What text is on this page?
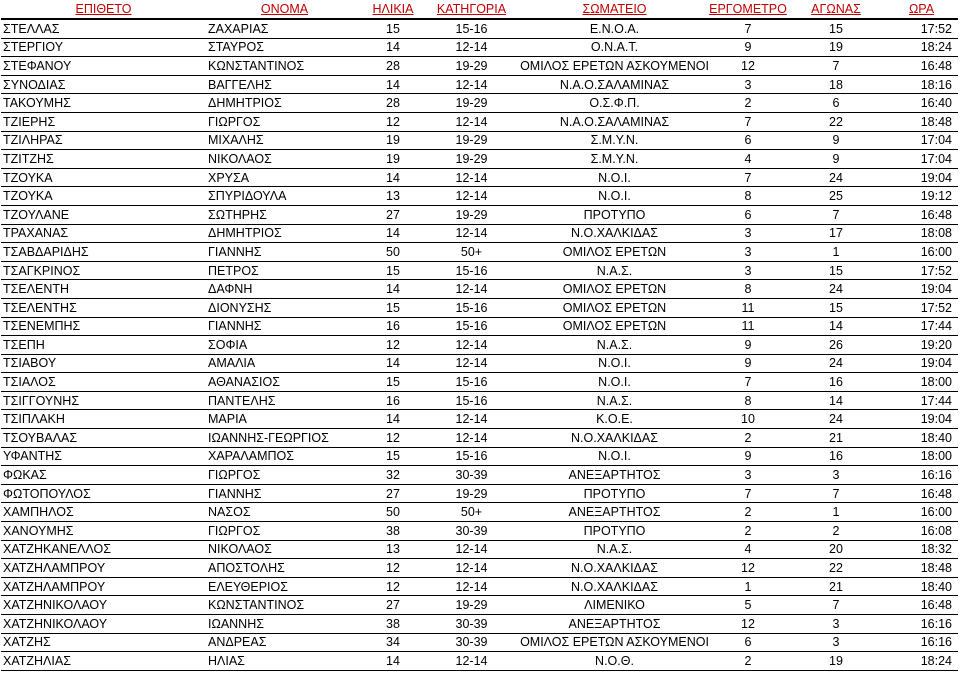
ΕΠΙΘΕΤΟ	ΟΝΟΜΑ	ΗΛΙΚΙΑ	ΚΑΤΗΓΟΡΙΑ	ΣΩΜΑΤΕΙΟ	ΕΡΓΟΜΕΤΡΟ	ΑΓΩΝΑΣ	ΩΡΑ
ΣΤΕΛΛΑΣ	ΖΑΧΑΡΙΑΣ	15	15-16	Ε.Ν.Ο.Α.	7	15	17:52
ΣΤΕΡΓΙΟΥ	ΣΤΑΥΡΟΣ	14	12-14	Ο.Ν.Α.Τ.	9	19	18:24
ΣΤΕΦΑΝΟΥ	ΚΩΝΣΤΑΝΤΙΝΟΣ	28	19-29	ΟΜΙΛΟΣ ΕΡΕΤΩΝ ΑΣΚΟΥΜΕΝΟΙ	12	7	16:48
ΣΥΝΟΔΙΑΣ	ΒΑΓΓΕΛΗΣ	14	12-14	Ν.Α.Ο.ΣΑΛΑΜΙΝΑΣ	3	18	18:16
ΤΑΚΟΥΜΗΣ	ΔΗΜΗΤΡΙΟΣ	28	19-29	Ο.Σ.Φ.Π.	2	6	16:40
ΤΖΙΕΡΗΣ	ΓΙΩΡΓΟΣ	12	12-14	Ν.Α.Ο.ΣΑΛΑΜΙΝΑΣ	7	22	18:48
ΤΖΙΛΗΡΑΣ	ΜΙΧΑΛΗΣ	19	19-29	Σ.Μ.Υ.Ν.	6	9	17:04
ΤΖΙΤΖΗΣ	ΝΙΚΟΛΑΟΣ	19	19-29	Σ.Μ.Υ.Ν.	4	9	17:04
ΤΖΟΥΚΑ	ΧΡΥΣΑ	14	12-14	Ν.Ο.Ι.	7	24	19:04
ΤΖΟΥΚΑ	ΣΠΥΡΙΔΟΥΛΑ	13	12-14	Ν.Ο.Ι.	8	25	19:12
ΤΖΟΥΛΑΝΕ	ΣΩΤΗΡΗΣ	27	19-29	ΠΡΟΤΥΠΟ	6	7	16:48
ΤΡΑΧΑΝΑΣ	ΔΗΜΗΤΡΙΟΣ	14	12-14	Ν.Ο.ΧΑΛΚΙΔΑΣ	3	17	18:08
ΤΣΑΒΔΑΡΙΔΗΣ	ΓΙΑΝΝΗΣ	50	50+	ΟΜΙΛΟΣ ΕΡΕΤΩΝ	3	1	16:00
ΤΣΑΓΚΡΙΝΟΣ	ΠΕΤΡΟΣ	15	15-16	Ν.Α.Σ.	3	15	17:52
ΤΣΕΛΕΝΤΗ	ΔΑΦΝΗ	14	12-14	ΟΜΙΛΟΣ ΕΡΕΤΩΝ	8	24	19:04
ΤΣΕΛΕΝΤΗΣ	ΔΙΟΝΥΣΗΣ	15	15-16	ΟΜΙΛΟΣ ΕΡΕΤΩΝ	11	15	17:52
ΤΣΕΝΕΜΠΗΣ	ΓΙΑΝΝΗΣ	16	15-16	ΟΜΙΛΟΣ ΕΡΕΤΩΝ	11	14	17:44
ΤΣΕΠΗ	ΣΟΦΙΑ	12	12-14	Ν.Α.Σ.	9	26	19:20
ΤΣΙΑΒΟΥ	ΑΜΑΛΙΑ	14	12-14	Ν.Ο.Ι.	9	24	19:04
ΤΣΙΑΛΟΣ	ΑΘΑΝΑΣΙΟΣ	15	15-16	Ν.Ο.Ι.	7	16	18:00
ΤΣΙΓΓΟΥΝΗΣ	ΠΑΝΤΕΛΗΣ	16	15-16	Ν.Α.Σ.	8	14	17:44
ΤΣΙΠΛΑΚΗ	ΜΑΡΙΑ	14	12-14	Κ.Ο.Ε.	10	24	19:04
ΤΣΟΥΒΑΛΑΣ	ΙΩΑΝΝΗΣ-ΓΕΩΡΓΙΟΣ	12	12-14	Ν.Ο.ΧΑΛΚΙΔΑΣ	2	21	18:40
ΥΦΑΝΤΗΣ	ΧΑΡΑΛΑΜΠΟΣ	15	15-16	Ν.Ο.Ι.	9	16	18:00
ΦΩΚΑΣ	ΓΙΩΡΓΟΣ	32	30-39	ΑΝΕΞΑΡΤΗΤΟΣ	3	3	16:16
ΦΩΤΟΠΟΥΛΟΣ	ΓΙΑΝΝΗΣ	27	19-29	ΠΡΟΤΥΠΟ	7	7	16:48
ΧΑΜΠΗΛΟΣ	ΝΑΣΟΣ	50	50+	ΑΝΕΞΑΡΤΗΤΟΣ	2	1	16:00
ΧΑΝΟΥΜΗΣ	ΓΙΩΡΓΟΣ	38	30-39	ΠΡΟΤΥΠΟ	2	2	16:08
ΧΑΤΖΗΚΑΝΕΛΛΟΣ	ΝΙΚΟΛΑΟΣ	13	12-14	Ν.Α.Σ.	4	20	18:32
ΧΑΤΖΗΛΑΜΠΡΟΥ	ΑΠΟΣΤΟΛΗΣ	12	12-14	Ν.Ο.ΧΑΛΚΙΔΑΣ	12	22	18:48
ΧΑΤΖΗΛΑΜΠΡΟΥ	ΕΛΕΥΘΕΡΙΟΣ	12	12-14	Ν.Ο.ΧΑΛΚΙΔΑΣ	1	21	18:40
ΧΑΤΖΗΝΙΚΟΛΑΟΥ	ΚΩΝΣΤΑΝΤΙΝΟΣ	27	19-29	ΛΙΜΕΝΙΚΟ	5	7	16:48
ΧΑΤΖΗΝΙΚΟΛΑΟΥ	ΙΩΑΝΝΗΣ	38	30-39	ΑΝΕΞΑΡΤΗΤΟΣ	12	3	16:16
ΧΑΤΖΗΣ	ΑΝΔΡΕΑΣ	34	30-39	ΟΜΙΛΟΣ ΕΡΕΤΩΝ ΑΣΚΟΥΜΕΝΟΙ	6	3	16:16
ΧΑΤΖΗΛΙΑΣ	ΗΛΙΑΣ	14	12-14	Ν.Ο.Θ.	2	19	18:24
